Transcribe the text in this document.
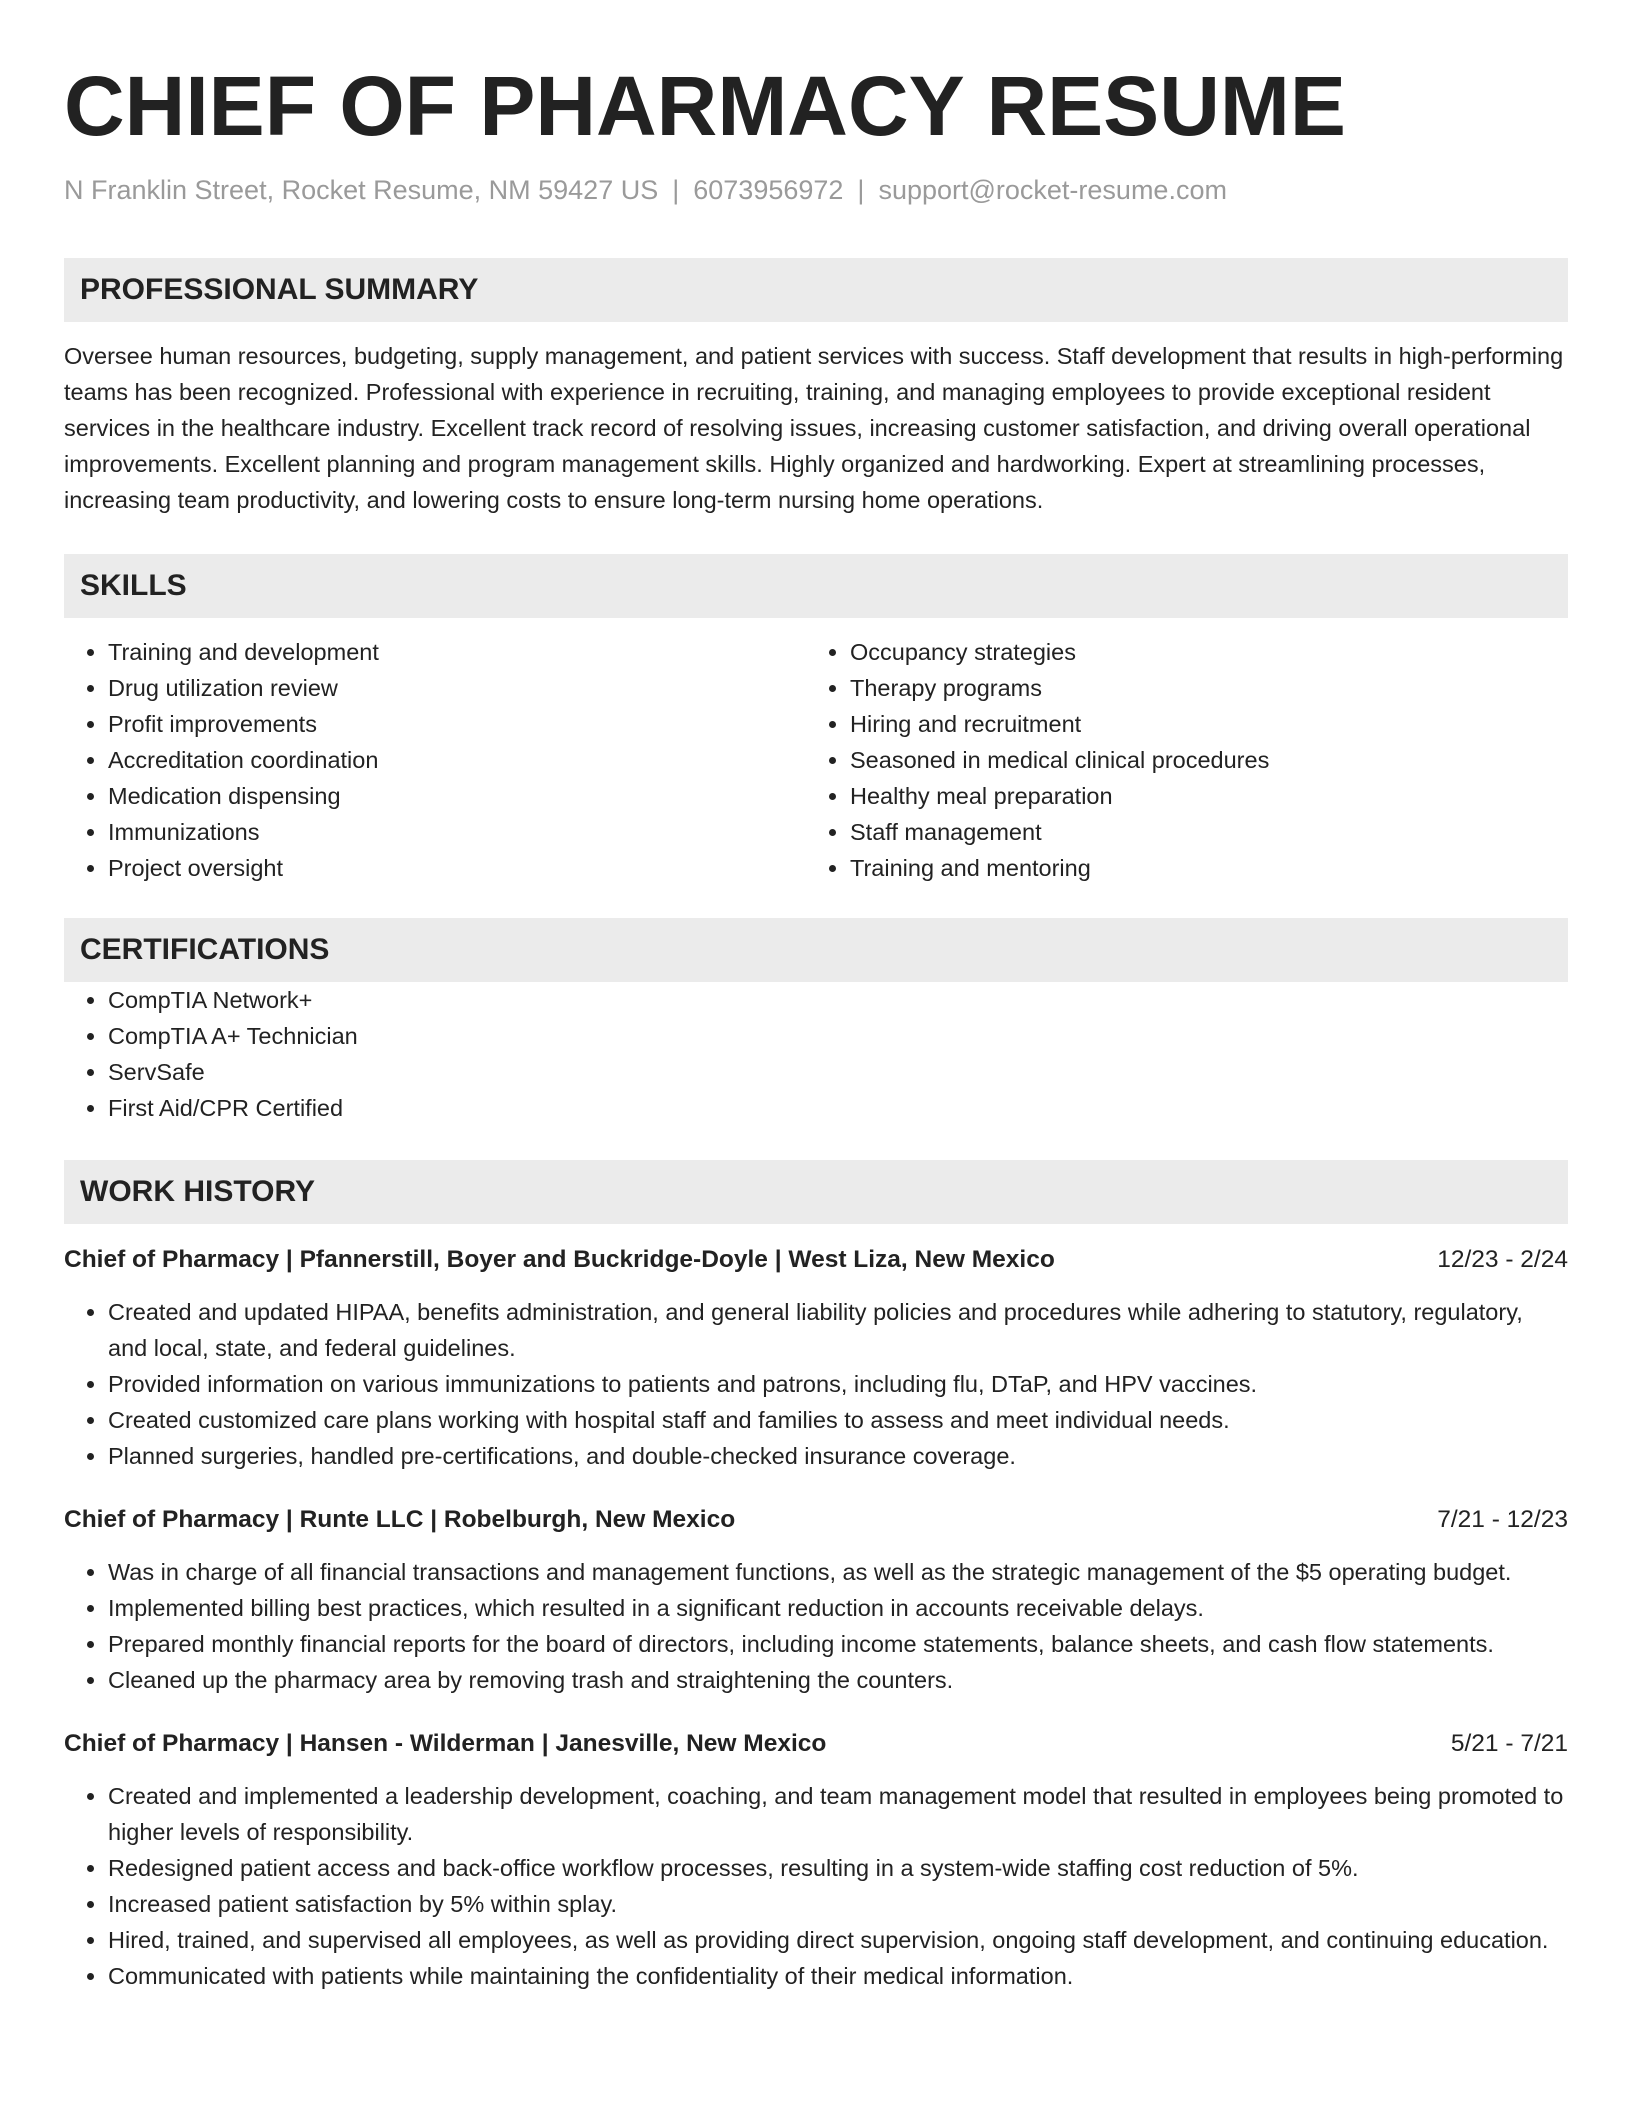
CHIEF OF PHARMACY RESUME
N Franklin Street, Rocket Resume, NM 59427 US | 6073956972 | support@rocket-resume.com
PROFESSIONAL SUMMARY
Oversee human resources, budgeting, supply management, and patient services with success. Staff development that results in high-performing teams has been recognized. Professional with experience in recruiting, training, and managing employees to provide exceptional resident services in the healthcare industry. Excellent track record of resolving issues, increasing customer satisfaction, and driving overall operational improvements. Excellent planning and program management skills. Highly organized and hardworking. Expert at streamlining processes, increasing team productivity, and lowering costs to ensure long-term nursing home operations.
SKILLS
• Training and development
• Drug utilization review
• Profit improvements
• Accreditation coordination
• Medication dispensing
• Immunizations
• Project oversight
• Occupancy strategies
• Therapy programs
• Hiring and recruitment
• Seasoned in medical clinical procedures
• Healthy meal preparation
• Staff management
• Training and mentoring
CERTIFICATIONS
• CompTIA Network+
• CompTIA A+ Technician
• ServSafe
• First Aid/CPR Certified
WORK HISTORY
Chief of Pharmacy | Pfannerstill, Boyer and Buckridge-Doyle | West Liza, New Mexico	12/23 - 2/24
• Created and updated HIPAA, benefits administration, and general liability policies and procedures while adhering to statutory, regulatory, and local, state, and federal guidelines.
• Provided information on various immunizations to patients and patrons, including flu, DTaP, and HPV vaccines.
• Created customized care plans working with hospital staff and families to assess and meet individual needs.
• Planned surgeries, handled pre-certifications, and double-checked insurance coverage.
Chief of Pharmacy | Runte LLC | Robelburgh, New Mexico	7/21 - 12/23
• Was in charge of all financial transactions and management functions, as well as the strategic management of the $5 operating budget.
• Implemented billing best practices, which resulted in a significant reduction in accounts receivable delays.
• Prepared monthly financial reports for the board of directors, including income statements, balance sheets, and cash flow statements.
• Cleaned up the pharmacy area by removing trash and straightening the counters.
Chief of Pharmacy | Hansen - Wilderman | Janesville, New Mexico	5/21 - 7/21
• Created and implemented a leadership development, coaching, and team management model that resulted in employees being promoted to higher levels of responsibility.
• Redesigned patient access and back-office workflow processes, resulting in a system-wide staffing cost reduction of 5%.
• Increased patient satisfaction by 5% within splay.
• Hired, trained, and supervised all employees, as well as providing direct supervision, ongoing staff development, and continuing education.
• Communicated with patients while maintaining the confidentiality of their medical information.
